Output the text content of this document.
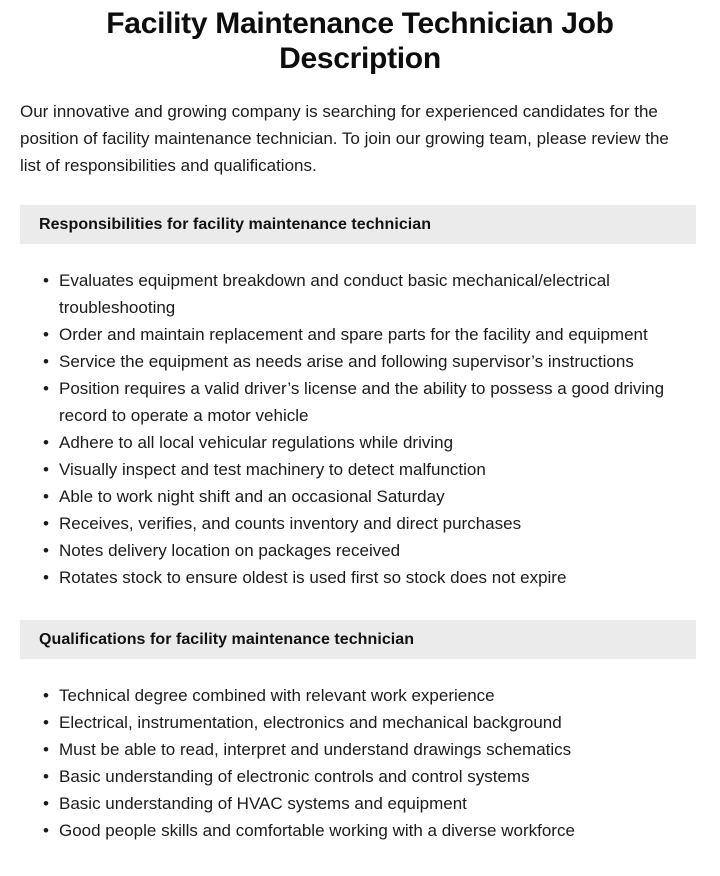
Facility Maintenance Technician Job Description

Our innovative and growing company is searching for experienced candidates for the position of facility maintenance technician. To join our growing team, please review the list of responsibilities and qualifications.

Responsibilities for facility maintenance technician
• Evaluates equipment breakdown and conduct basic mechanical/electrical troubleshooting
• Order and maintain replacement and spare parts for the facility and equipment
• Service the equipment as needs arise and following supervisor’s instructions
• Position requires a valid driver’s license and the ability to possess a good driving record to operate a motor vehicle
• Adhere to all local vehicular regulations while driving
• Visually inspect and test machinery to detect malfunction
• Able to work night shift and an occasional Saturday
• Receives, verifies, and counts inventory and direct purchases
• Notes delivery location on packages received
• Rotates stock to ensure oldest is used first so stock does not expire
Qualifications for facility maintenance technician
• Technical degree combined with relevant work experience
• Electrical, instrumentation, electronics and mechanical background
• Must be able to read, interpret and understand drawings schematics
• Basic understanding of electronic controls and control systems
• Basic understanding of HVAC systems and equipment
• Good people skills and comfortable working with a diverse workforce
